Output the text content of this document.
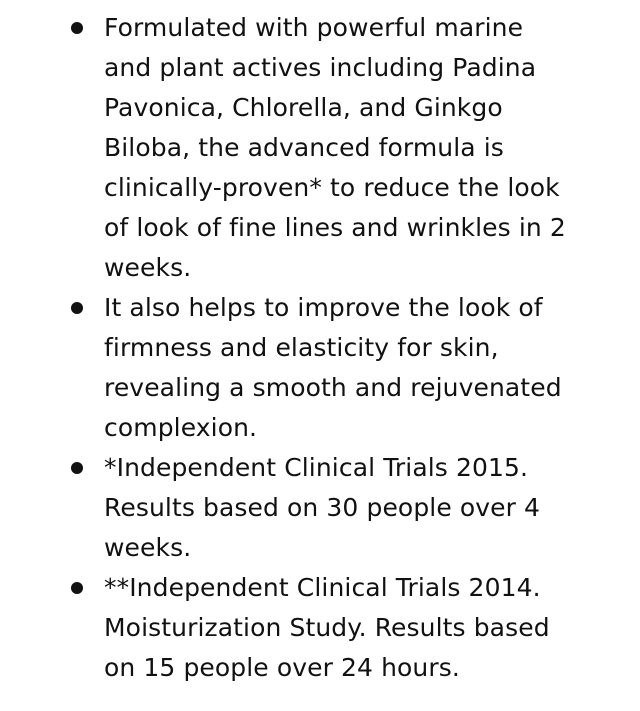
Formulated with powerful marine
and plant actives including Padina
Pavonica, Chlorella, and Ginkgo
Biloba, the advanced formula is
clinically-proven* to reduce the look
of look of fine lines and wrinkles in 2
weeks.
It also helps to improve the look of
firmness and elasticity for skin,
revealing a smooth and rejuvenated
complexion.
*Independent Clinical Trials 2015.
Results based on 30 people over 4
weeks.
**Independent Clinical Trials 2014.
Moisturization Study. Results based
on 15 people over 24 hours.
